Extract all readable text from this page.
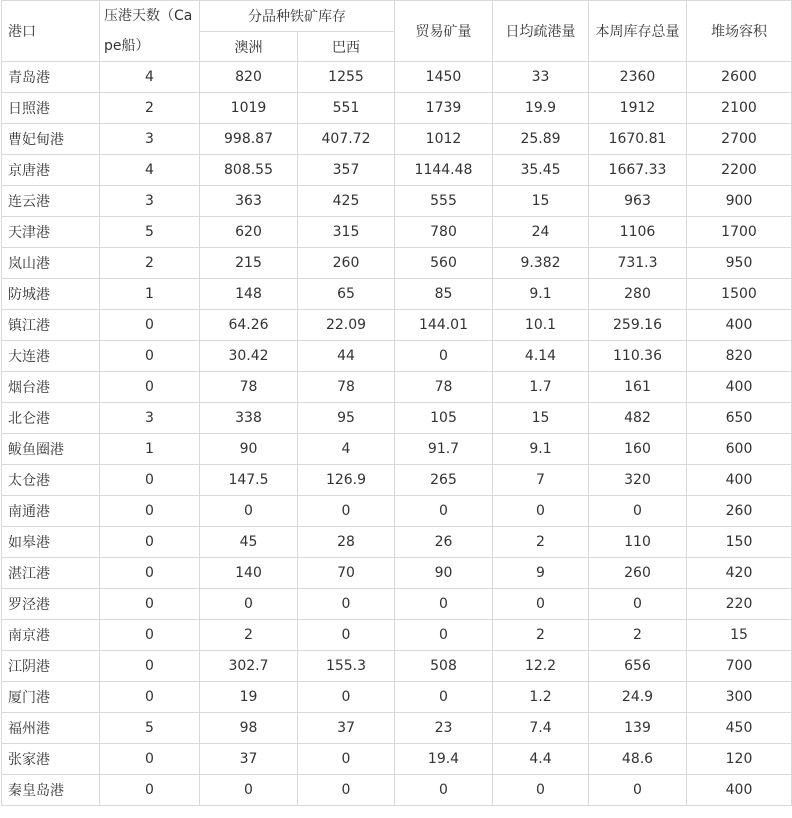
港口	压港天数（Cape船）	分品种铁矿库存		贸易矿量	日均疏港量	本周库存总量	堆场容积
		澳洲	巴西				
青岛港	4	820	1255	1450	33	2360	2600
日照港	2	1019	551	1739	19.9	1912	2100
曹妃甸港	3	998.87	407.72	1012	25.89	1670.81	2700
京唐港	4	808.55	357	1144.48	35.45	1667.33	2200
连云港	3	363	425	555	15	963	900
天津港	5	620	315	780	24	1106	1700
岚山港	2	215	260	560	9.382	731.3	950
防城港	1	148	65	85	9.1	280	1500
镇江港	0	64.26	22.09	144.01	10.1	259.16	400
大连港	0	30.42	44	0	4.14	110.36	820
烟台港	0	78	78	78	1.7	161	400
北仑港	3	338	95	105	15	482	650
鲅鱼圈港	1	90	4	91.7	9.1	160	600
太仓港	0	147.5	126.9	265	7	320	400
南通港	0	0	0	0	0	0	260
如皋港	0	45	28	26	2	110	150
湛江港	0	140	70	90	9	260	420
罗泾港	0	0	0	0	0	0	220
南京港	0	2	0	0	2	2	15
江阴港	0	302.7	155.3	508	12.2	656	700
厦门港	0	19	0	0	1.2	24.9	300
福州港	5	98	37	23	7.4	139	450
张家港	0	37	0	19.4	4.4	48.6	120
秦皇岛港	0	0	0	0	0	0	400
